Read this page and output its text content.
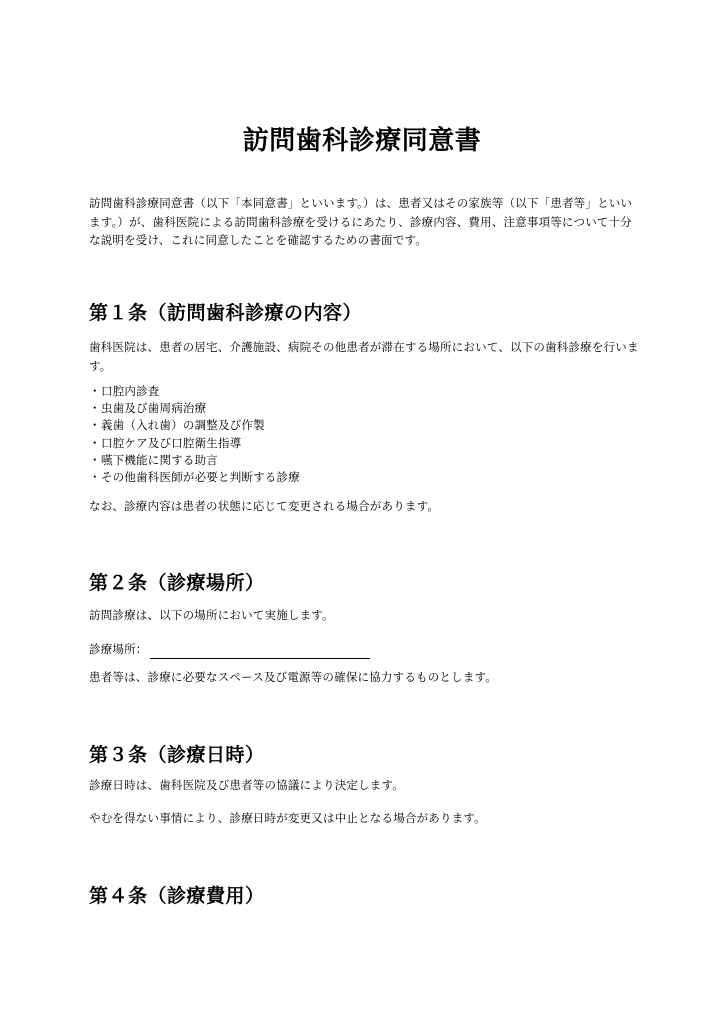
訪問歯科診療同意書
訪問歯科診療同意書（以下「本同意書」といいます。）は、患者又はその家族等（以下「患者等」といいます。）が、歯科医院による訪問歯科診療を受けるにあたり、診療内容、費用、注意事項等について十分な説明を受け、これに同意したことを確認するための書面です。
第１条（訪問歯科診療の内容）
歯科医院は、患者の居宅、介護施設、病院その他患者が滞在する場所において、以下の歯科診療を行います。
・ 口腔内診査
・ 虫歯及び歯周病治療
・ 義歯（入れ歯）の調整及び作製
・ 口腔ケア及び口腔衛生指導
・ 嚥下機能に関する助言
・ その他歯科医師が必要と判断する診療
なお、診療内容は患者の状態に応じて変更される場合があります。
第２条（診療場所）
訪問診療は、以下の場所において実施します。
診療場所：
患者等は、診療に必要なスペース及び電源等の確保に協力するものとします。
第３条（診療日時）
診療日時は、歯科医院及び患者等の協議により決定します。
やむを得ない事情により、診療日時が変更又は中止となる場合があります。
第４条（診療費用）
